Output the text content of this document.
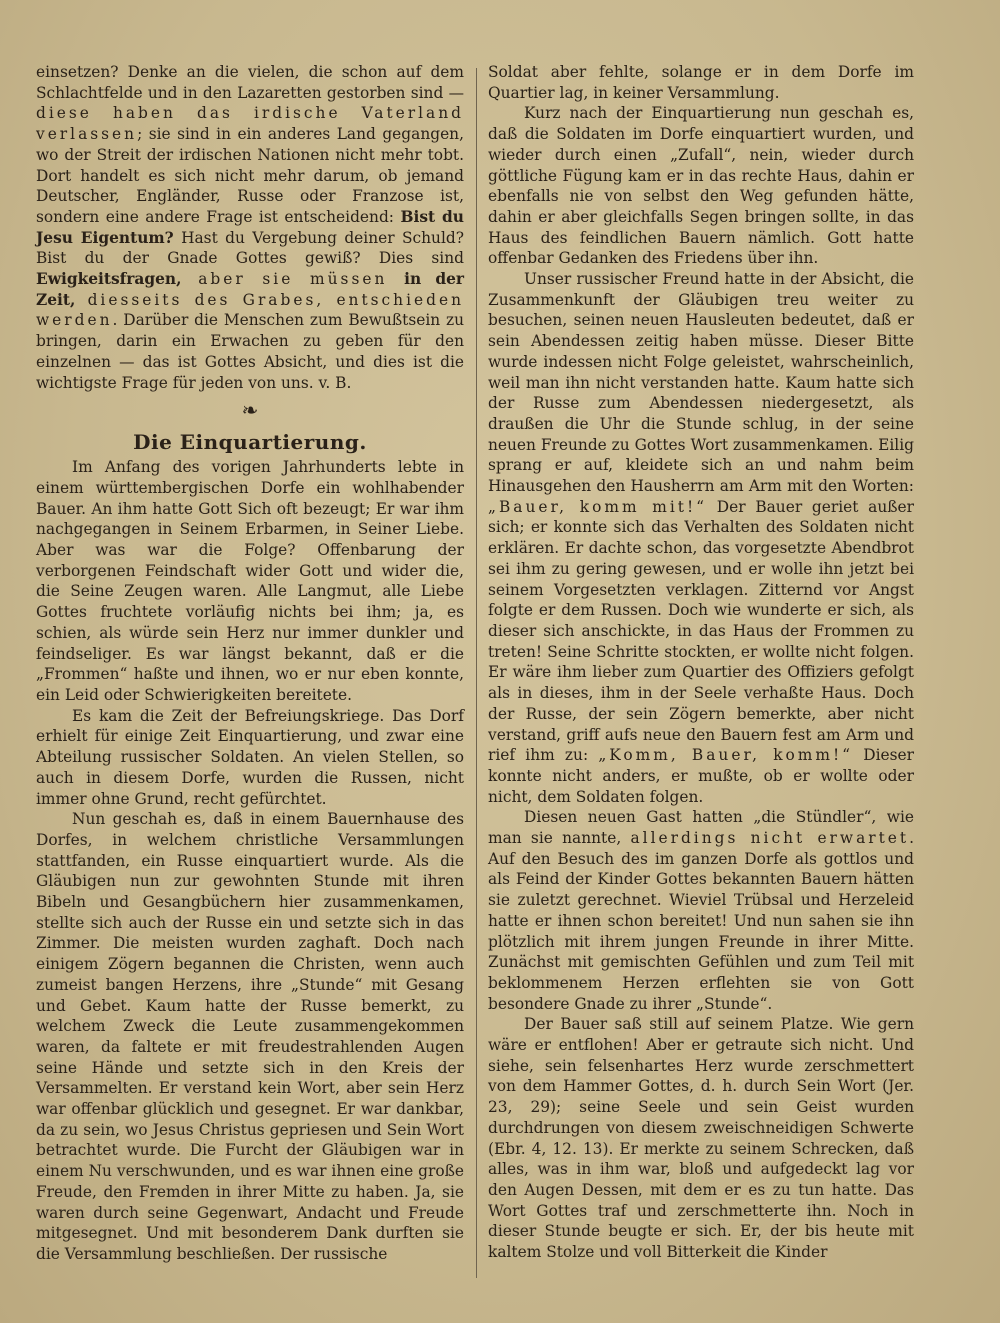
einsetzen? Denke an die vielen, die schon auf dem Schlachtfelde und in den Lazaretten gestorben sind — diese haben das irdische Vaterland verlassen; sie sind in ein anderes Land gegangen, wo der Streit der irdischen Nationen nicht mehr tobt. Dort handelt es sich nicht mehr darum, ob jemand Deutscher, Engländer, Russe oder Franzose ist, sondern eine andere Frage ist entscheidend: Bist du Jesu Eigentum? Hast du Vergebung deiner Schuld? Bist du der Gnade Gottes gewiß? Dies sind Ewigkeitsfragen, aber sie müssen in der Zeit, diesseits des Grabes, entschieden werden. Darüber die Menschen zum Bewußtsein zu bringen, darin ein Erwachen zu geben für den einzelnen — das ist Gottes Absicht, und dies ist die wichtigste Frage für jeden von uns. v. B.

❧
Die Einquartierung.

Im Anfang des vorigen Jahrhunderts lebte in einem württembergischen Dorfe ein wohlhabender Bauer. An ihm hatte Gott Sich oft bezeugt; Er war ihm nachgegangen in Seinem Erbarmen, in Seiner Liebe. Aber was war die Folge? Offenbarung der verborgenen Feindschaft wider Gott und wider die, die Seine Zeugen waren. Alle Langmut, alle Liebe Gottes fruchtete vorläufig nichts bei ihm; ja, es schien, als würde sein Herz nur immer dunkler und feindseliger. Es war längst bekannt, daß er die „Frommen“ haßte und ihnen, wo er nur eben konnte, ein Leid oder Schwierigkeiten bereitete.

Es kam die Zeit der Befreiungskriege. Das Dorf erhielt für einige Zeit Einquartierung, und zwar eine Abteilung russischer Soldaten. An vielen Stellen, so auch in diesem Dorfe, wurden die Russen, nicht immer ohne Grund, recht gefürchtet.

Nun geschah es, daß in einem Bauernhause des Dorfes, in welchem christliche Versammlungen stattfanden, ein Russe einquartiert wurde. Als die Gläubigen nun zur gewohnten Stunde mit ihren Bibeln und Gesangbüchern hier zusammenkamen, stellte sich auch der Russe ein und setzte sich in das Zimmer. Die meisten wurden zaghaft. Doch nach einigem Zögern begannen die Christen, wenn auch zumeist bangen Herzens, ihre „Stunde“ mit Gesang und Gebet. Kaum hatte der Russe bemerkt, zu welchem Zweck die Leute zusammengekommen waren, da faltete er mit freudestrahlenden Augen seine Hände und setzte sich in den Kreis der Versammelten. Er verstand kein Wort, aber sein Herz war offenbar glücklich und gesegnet. Er war dankbar, da zu sein, wo Jesus Christus gepriesen und Sein Wort betrachtet wurde. Die Furcht der Gläubigen war in einem Nu verschwunden, und es war ihnen eine große Freude, den Fremden in ihrer Mitte zu haben. Ja, sie waren durch seine Gegenwart, Andacht und Freude mitgesegnet. Und mit besonderem Dank durften sie die Versammlung beschließen. Der russische

Soldat aber fehlte, solange er in dem Dorfe im Quartier lag, in keiner Versammlung.

Kurz nach der Einquartierung nun geschah es, daß die Soldaten im Dorfe einquartiert wurden, und wieder durch einen „Zufall“, nein, wieder durch göttliche Fügung kam er in das rechte Haus, dahin er ebenfalls nie von selbst den Weg gefunden hätte, dahin er aber gleichfalls Segen bringen sollte, in das Haus des feindlichen Bauern nämlich. Gott hatte offenbar Gedanken des Friedens über ihn.

Unser russischer Freund hatte in der Absicht, die Zusammenkunft der Gläubigen treu weiter zu besuchen, seinen neuen Hausleuten bedeutet, daß er sein Abendessen zeitig haben müsse. Dieser Bitte wurde indessen nicht Folge geleistet, wahrscheinlich, weil man ihn nicht verstanden hatte. Kaum hatte sich der Russe zum Abendessen niedergesetzt, als draußen die Uhr die Stunde schlug, in der seine neuen Freunde zu Gottes Wort zusammenkamen. Eilig sprang er auf, kleidete sich an und nahm beim Hinausgehen den Hausherrn am Arm mit den Worten: „Bauer, komm mit!“ Der Bauer geriet außer sich; er konnte sich das Verhalten des Soldaten nicht erklären. Er dachte schon, das vorgesetzte Abendbrot sei ihm zu gering gewesen, und er wolle ihn jetzt bei seinem Vorgesetzten verklagen. Zitternd vor Angst folgte er dem Russen. Doch wie wunderte er sich, als dieser sich anschickte, in das Haus der Frommen zu treten! Seine Schritte stockten, er wollte nicht folgen. Er wäre ihm lieber zum Quartier des Offiziers gefolgt als in dieses, ihm in der Seele verhaßte Haus. Doch der Russe, der sein Zögern bemerkte, aber nicht verstand, griff aufs neue den Bauern fest am Arm und rief ihm zu: „Komm, Bauer, komm!“ Dieser konnte nicht anders, er mußte, ob er wollte oder nicht, dem Soldaten folgen.

Diesen neuen Gast hatten „die Stündler“, wie man sie nannte, allerdings nicht erwartet. Auf den Besuch des im ganzen Dorfe als gottlos und als Feind der Kinder Gottes bekannten Bauern hätten sie zuletzt gerechnet. Wieviel Trübsal und Herzeleid hatte er ihnen schon bereitet! Und nun sahen sie ihn plötzlich mit ihrem jungen Freunde in ihrer Mitte. Zunächst mit gemischten Gefühlen und zum Teil mit beklommenem Herzen erflehten sie von Gott besondere Gnade zu ihrer „Stunde“.

Der Bauer saß still auf seinem Platze. Wie gern wäre er entflohen! Aber er getraute sich nicht. Und siehe, sein felsenhartes Herz wurde zerschmettert von dem Hammer Gottes, d. h. durch Sein Wort (Jer. 23, 29); seine Seele und sein Geist wurden durchdrungen von diesem zweischneidigen Schwerte (Ebr. 4, 12. 13). Er merkte zu seinem Schrecken, daß alles, was in ihm war, bloß und aufgedeckt lag vor den Augen Dessen, mit dem er es zu tun hatte. Das Wort Gottes traf und zerschmetterte ihn. Noch in dieser Stunde beugte er sich. Er, der bis heute mit kaltem Stolze und voll Bitterkeit die Kinder
